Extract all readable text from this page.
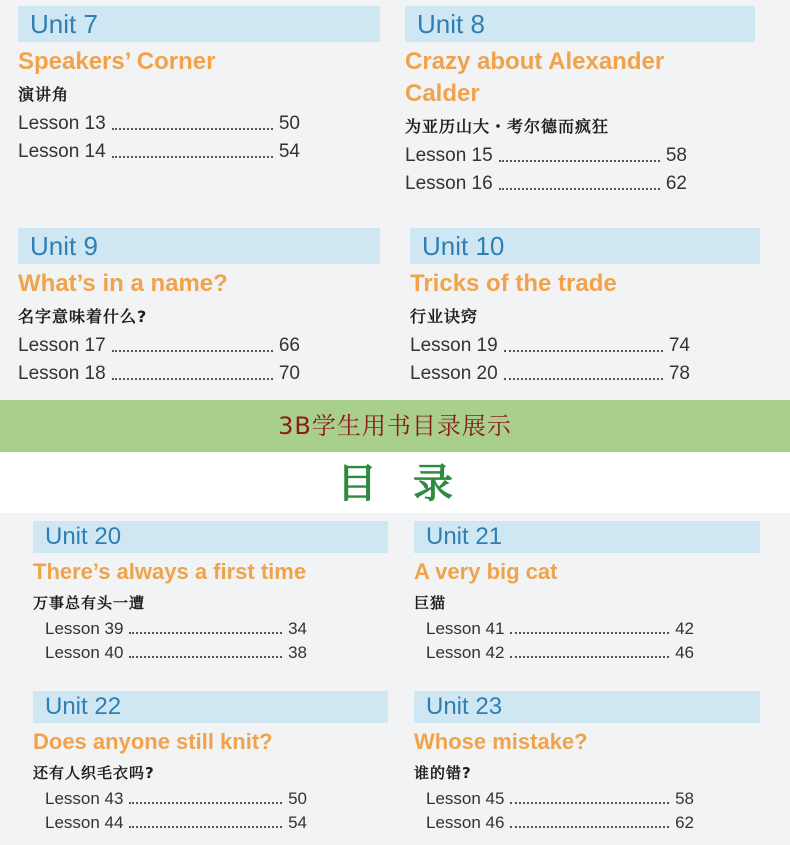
Unit 7
Speakers’ Corner
演讲角
Lesson 13	50
Lesson 14	54
Unit 8
Crazy about Alexander
Calder
为亚历山大・考尔德而疯狂
Lesson 15	58
Lesson 16	62
Unit 9
What’s in a name?
名字意味着什么?
Lesson 17	66
Lesson 18	70
Unit 10
Tricks of the trade
行业诀窍
Lesson 19	74
Lesson 20	78
3B学生用书目录展示
目录
Unit 20
There’s always a first time
万事总有头一遭
Lesson 39	34
Lesson 40	38
Unit 21
A very big cat
巨猫
Lesson 41	42
Lesson 42	46
Unit 22
Does anyone still knit?
还有人织毛衣吗?
Lesson 43	50
Lesson 44	54
Unit 23
Whose mistake?
谁的错?
Lesson 45	58
Lesson 46	62
